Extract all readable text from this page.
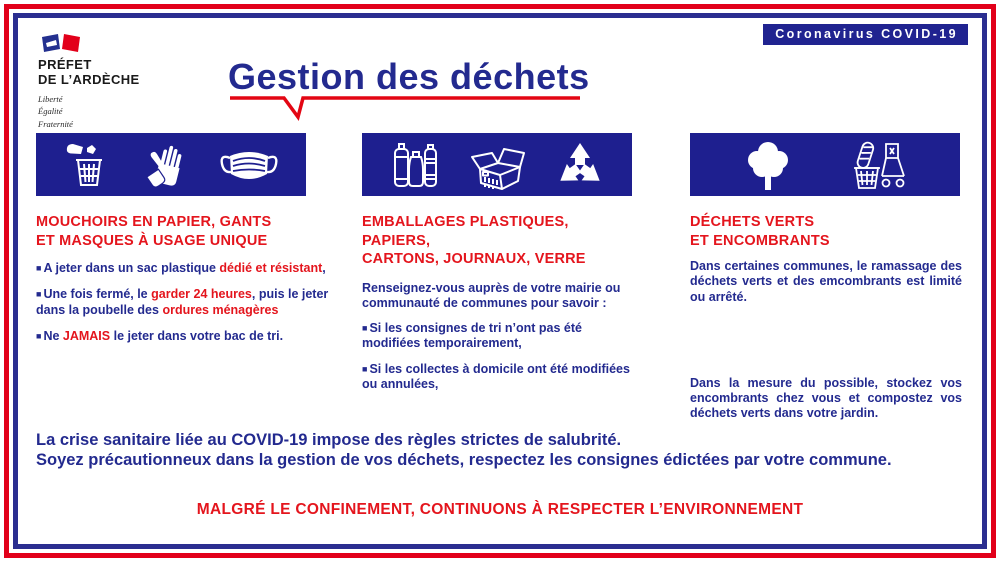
PRÉFET
DE L’ARDÈCHE
Liberté
Égalité
Fraternité
Coronavirus COVID-19
Gestion des déchets
MOUCHOIRS EN PAPIER, GANTS
ET MASQUES À USAGE UNIQUE
■ A jeter dans un sac plastique dédié et résistant,
■ Une fois fermé, le garder 24 heures, puis le jeter dans la poubelle des ordures ménagères
■ Ne JAMAIS le jeter dans votre bac de tri.
EMBALLAGES PLASTIQUES, PAPIERS,
CARTONS, JOURNAUX, VERRE
Renseignez-vous auprès de votre mairie ou communauté de communes pour savoir :
■ Si les consignes de tri n’ont pas été modifiées temporairement,
■ Si les collectes à domicile ont été modifiées ou annulées,
DÉCHETS VERTS
ET ENCOMBRANTS
Dans certaines communes, le ramassage des déchets verts et des emcombrants est limité ou arrêté.
Dans la mesure du possible, stockez vos encombrants chez vous et compostez vos déchets verts dans votre jardin.
La crise sanitaire liée au COVID-19 impose des règles strictes de salubrité.
Soyez précautionneux dans la gestion de vos déchets, respectez les consignes édictées par votre commune.
MALGRÉ LE CONFINEMENT, CONTINUONS À RESPECTER L’ENVIRONNEMENT
